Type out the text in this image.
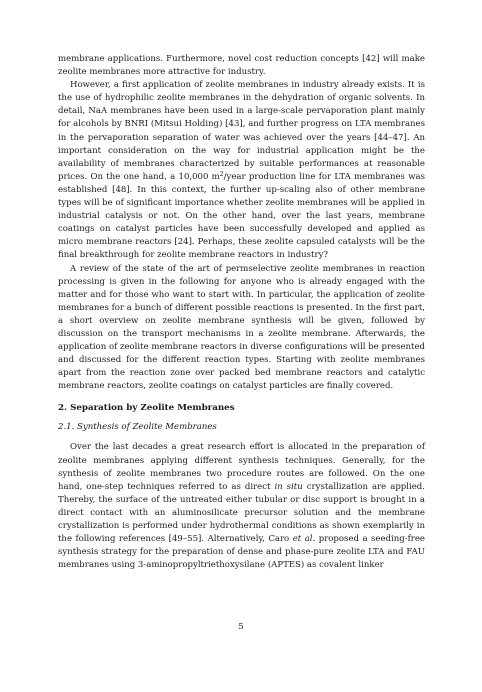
membrane applications. Furthermore, novel cost reduction concepts [42] will make zeolite membranes more attractive for industry.

However, a first application of zeolite membranes in industry already exists. It is the use of hydrophilic zeolite membranes in the dehydration of organic solvents. In detail, NaA membranes have been used in a large-scale pervaporation plant mainly for alcohols by BNRI (Mitsui Holding) [43], and further progress on LTA membranes in the pervaporation separation of water was achieved over the years [44–47]. An important consideration on the way for industrial application might be the availability of membranes characterized by suitable performances at reasonable prices. On the one hand, a 10,000 $m^2$/year production line for LTA membranes was established [48]. In this context, the further up-scaling also of other membrane types will be of significant importance whether zeolite membranes will be applied in industrial catalysis or not. On the other hand, over the last years, membrane coatings on catalyst particles have been successfully developed and applied as micro membrane reactors [24]. Perhaps, these zeolite capsuled catalysts will be the final breakthrough for zeolite membrane reactors in industry?

A review of the state of the art of permselective zeolite membranes in reaction processing is given in the following for anyone who is already engaged with the matter and for those who want to start with. In particular, the application of zeolite membranes for a bunch of different possible reactions is presented. In the first part, a short overview on zeolite membrane synthesis will be given, followed by discussion on the transport mechanisms in a zeolite membrane. Afterwards, the application of zeolite membrane reactors in diverse configurations will be presented and discussed for the different reaction types. Starting with zeolite membranes apart from the reaction zone over packed bed membrane reactors and catalytic membrane reactors, zeolite coatings on catalyst particles are finally covered.

2. Separation by Zeolite Membranes
2.1. Synthesis of Zeolite Membranes

Over the last decades a great research effort is allocated in the preparation of zeolite membranes applying different synthesis techniques. Generally, for the synthesis of zeolite membranes two procedure routes are followed. On the one hand, one-step techniques referred to as direct in situ crystallization are applied. Thereby, the surface of the untreated either tubular or disc support is brought in a direct contact with an aluminosilicate precursor solution and the membrane crystallization is performed under hydrothermal conditions as shown exemplarily in the following references [49–55]. Alternatively, Caro et al. proposed a seeding-free synthesis strategy for the preparation of dense and phase-pure zeolite LTA and FAU membranes using 3-aminopropyltriethoxysilane (APTES) as covalent linker

5
